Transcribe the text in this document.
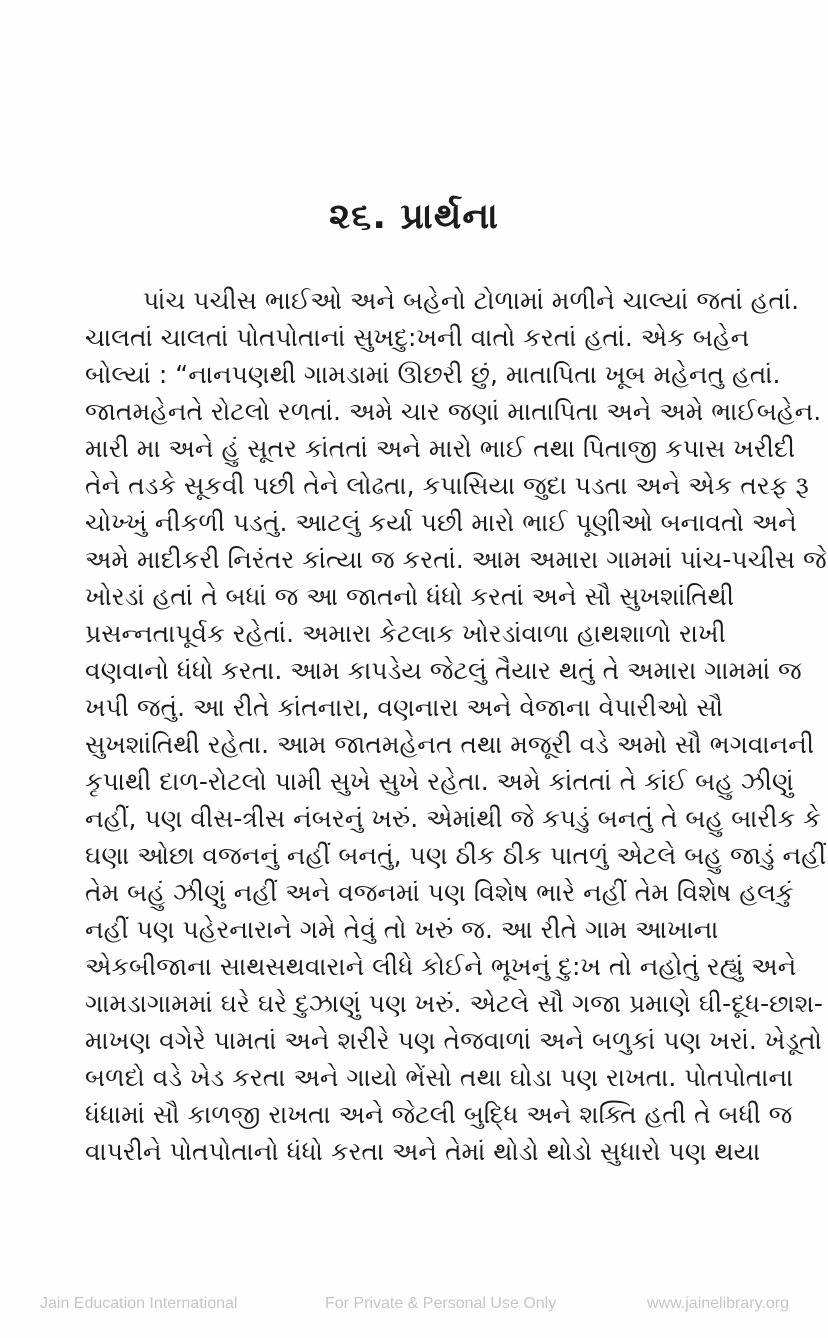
૨૬. પ્રાર્થના
પાંચ પચીસ ભાઈઓ અને બહેનો ટોળામાં મળીને ચાલ્યાં જતાં હતાં.
ચાલતાં ચાલતાં પોતપોતાનાં સુખદુ:ખની વાતો કરતાં હતાં. એક બહેન
બોલ્યાં : “નાનપણથી ગામડામાં ઊછરી છું, માતાપિતા ખૂબ મહેનતુ હતાં.
જાતમહેનતે રોટલો રળતાં. અમે ચાર જણાં માતાપિતા અને અમે ભાઈબહેન.
મારી મા અને હું સૂતર કાંતતાં અને મારો ભાઈ તથા પિતાજી કપાસ ખરીદી
તેને તડકે સૂકવી પછી તેને લોઢતા, કપાસિયા જુદા પડતા અને એક તરફ રૂ
ચોખ્ખું નીકળી પડતું. આટલું કર્યા પછી મારો ભાઈ પૂણીઓ બનાવતો અને
અમે માદીકરી નિરંતર કાંત્યા જ કરતાં. આમ અમારા ગામમાં પાંચ-પચીસ જે
ખોરડાં હતાં તે બધાં જ આ જાતનો ધંધો કરતાં અને સૌ સુખશાંતિથી
પ્રસન્નતાપૂર્વક રહેતાં. અમારા કેટલાક ખોરડાંવાળા હાથશાળો રાખી
વણવાનો ધંધો કરતા. આમ કાપડેય જેટલું તૈયાર થતું તે અમારા ગામમાં જ
ખપી જતું. આ રીતે કાંતનારા, વણનારા અને વેજાના વેપારીઓ સૌ
સુખશાંતિથી રહેતા. આમ જાતમહેનત તથા મજૂરી વડે અમો સૌ ભગવાનની
કૃપાથી દાળ-રોટલો પામી સુખે સુખે રહેતા. અમે કાંતતાં તે કાંઈ બહુ ઝીણું
નહીં, પણ વીસ-ત્રીસ નંબરનું ખરું. એમાંથી જે કપડું બનતું તે બહુ બારીક કે
ઘણા ઓછા વજનનું નહીં બનતું, પણ ઠીક ઠીક પાતળું એટલે બહુ જાડું નહીં
તેમ બહું ઝીણું નહીં અને વજનમાં પણ વિશેષ ભારે નહીં તેમ વિશેષ હલકું
નહીં પણ પહેરનારાને ગમે તેવું તો ખરું જ. આ રીતે ગામ આખાના
એકબીજાના સાથસથવારાને લીધે કોઈને ભૂખનું દુ:ખ તો નહોતું રહ્યું અને
ગામડાગામમાં ઘરે ઘરે દુઝાણું પણ ખરું. એટલે સૌ ગજા પ્રમાણે ઘી-દૂધ-છાશ-
માખણ વગેરે પામતાં અને શરીરે પણ તેજવાળાં અને બળુકાં પણ ખરાં. ખેડૂતો
બળદો વડે ખેડ કરતા અને ગાયો ભેંસો તથા ઘોડા પણ રાખતા. પોતપોતાના
ધંધામાં સૌ કાળજી રાખતા અને જેટલી બુદ્ધિ અને શક્તિ હતી તે બધી જ
વાપરીને પોતપોતાનો ધંધો કરતા અને તેમાં થોડો થોડો સુધારો પણ થયા
Jain Education International	For Private & Personal Use Only	www.jainelibrary.org
